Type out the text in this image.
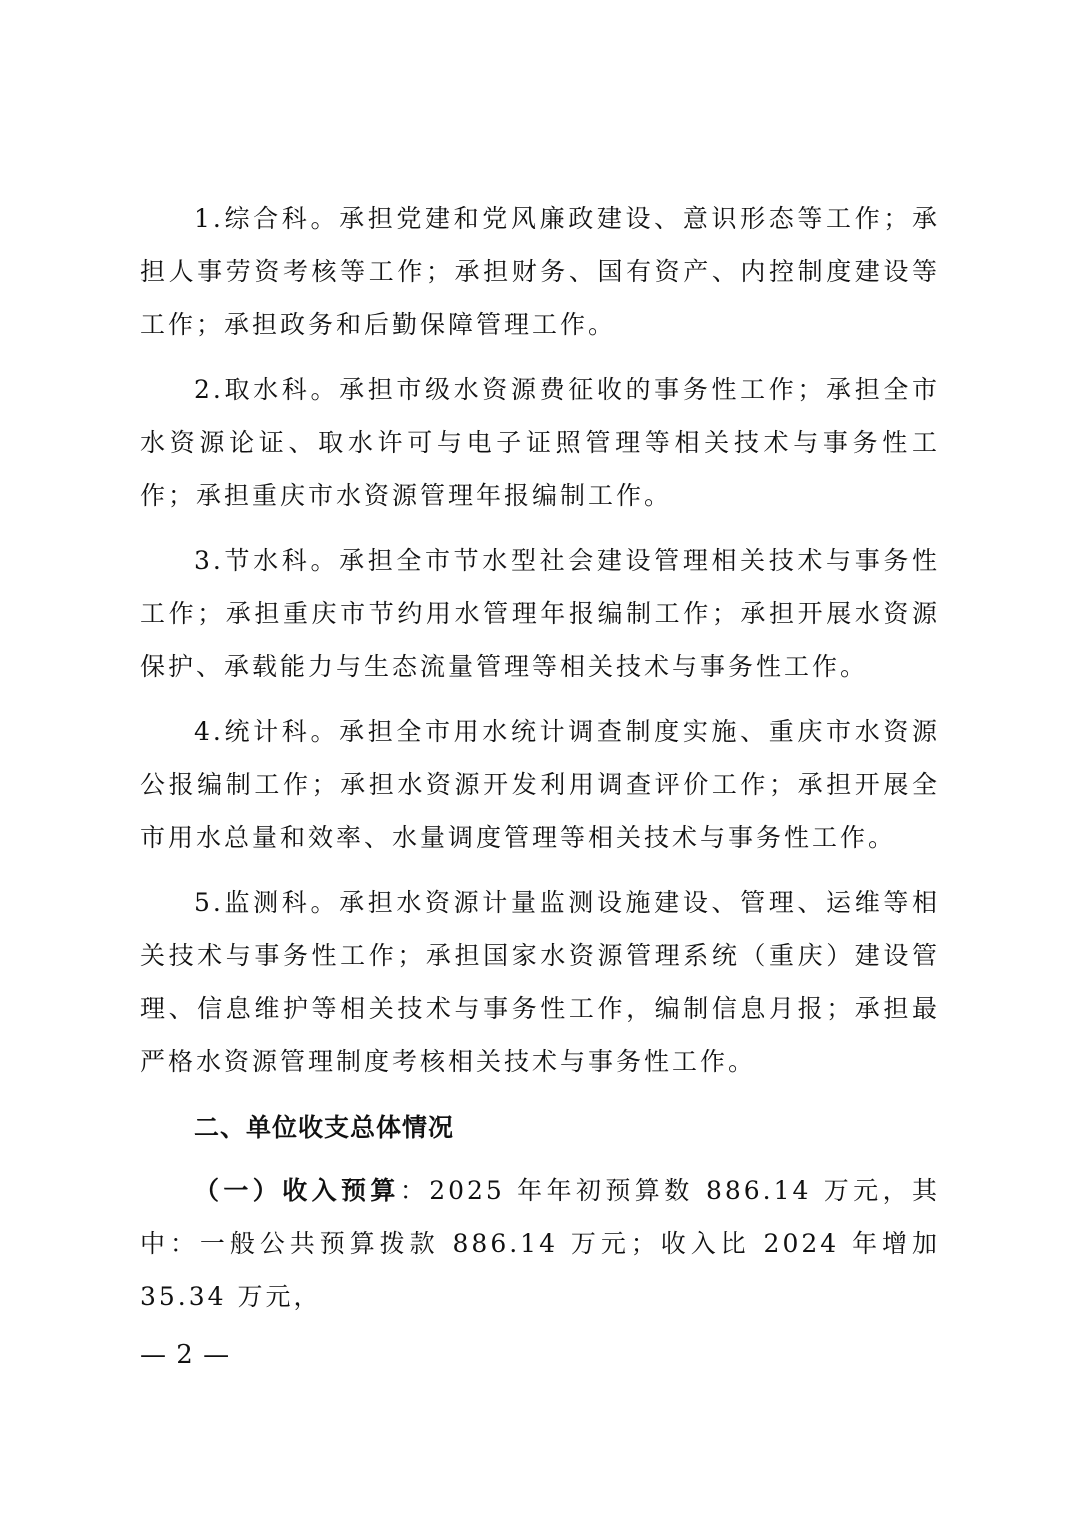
1.综合科。承担党建和党风廉政建设、意识形态等工作；承担人事劳资考核等工作；承担财务、国有资产、内控制度建设等工作；承担政务和后勤保障管理工作。

2.取水科。承担市级水资源费征收的事务性工作；承担全市水资源论证、取水许可与电子证照管理等相关技术与事务性工作；承担重庆市水资源管理年报编制工作。

3.节水科。承担全市节水型社会建设管理相关技术与事务性工作；承担重庆市节约用水管理年报编制工作；承担开展水资源保护、承载能力与生态流量管理等相关技术与事务性工作。

4.统计科。承担全市用水统计调查制度实施、重庆市水资源公报编制工作；承担水资源开发利用调查评价工作；承担开展全市用水总量和效率、水量调度管理等相关技术与事务性工作。

5.监测科。承担水资源计量监测设施建设、管理、运维等相关技术与事务性工作；承担国家水资源管理系统（重庆）建设管理、信息维护等相关技术与事务性工作，编制信息月报；承担最严格水资源管理制度考核相关技术与事务性工作。

二、单位收支总体情况

（一）收入预算：2025 年年初预算数 886.14 万元，其中：一般公共预算拨款 886.14 万元；收入比 2024 年增加 35.34 万元，

— 2 —
